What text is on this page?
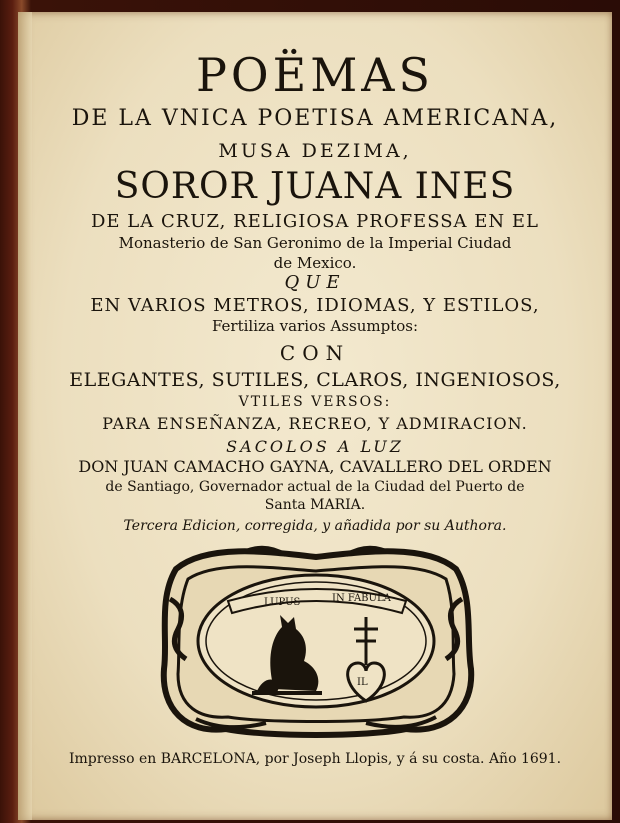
POËMAS
DE LA VNICA POETISA AMERICANA,
MUSA DEZIMA,
SOROR JUANA INES
DE LA CRUZ, RELIGIOSA PROFESSA EN EL
Monasterio de San Geronimo de la Imperial Ciudad
de Mexico.
QUE
EN VARIOS METROS, IDIOMAS, Y ESTILOS,
Fertiliza varios Assumptos:
CON
ELEGANTES, SUTILES, CLAROS, INGENIOSOS,
VTILES VERSOS:
PARA ENSEÑANZA, RECREO, Y ADMIRACION.
SACOLOS A LUZ
DON JUAN CAMACHO GAYNA, CAVALLERO DEL ORDEN
de Santiago, Governador actual de la Ciudad del Puerto de
Santa MARIA.
Tercera Edicion, corregida, y añadida por su Authora.
LUPUS	IN FABULA
IL
Impresso en BARCELONA, por Joseph Llopis, y á su costa. Año 1691.
